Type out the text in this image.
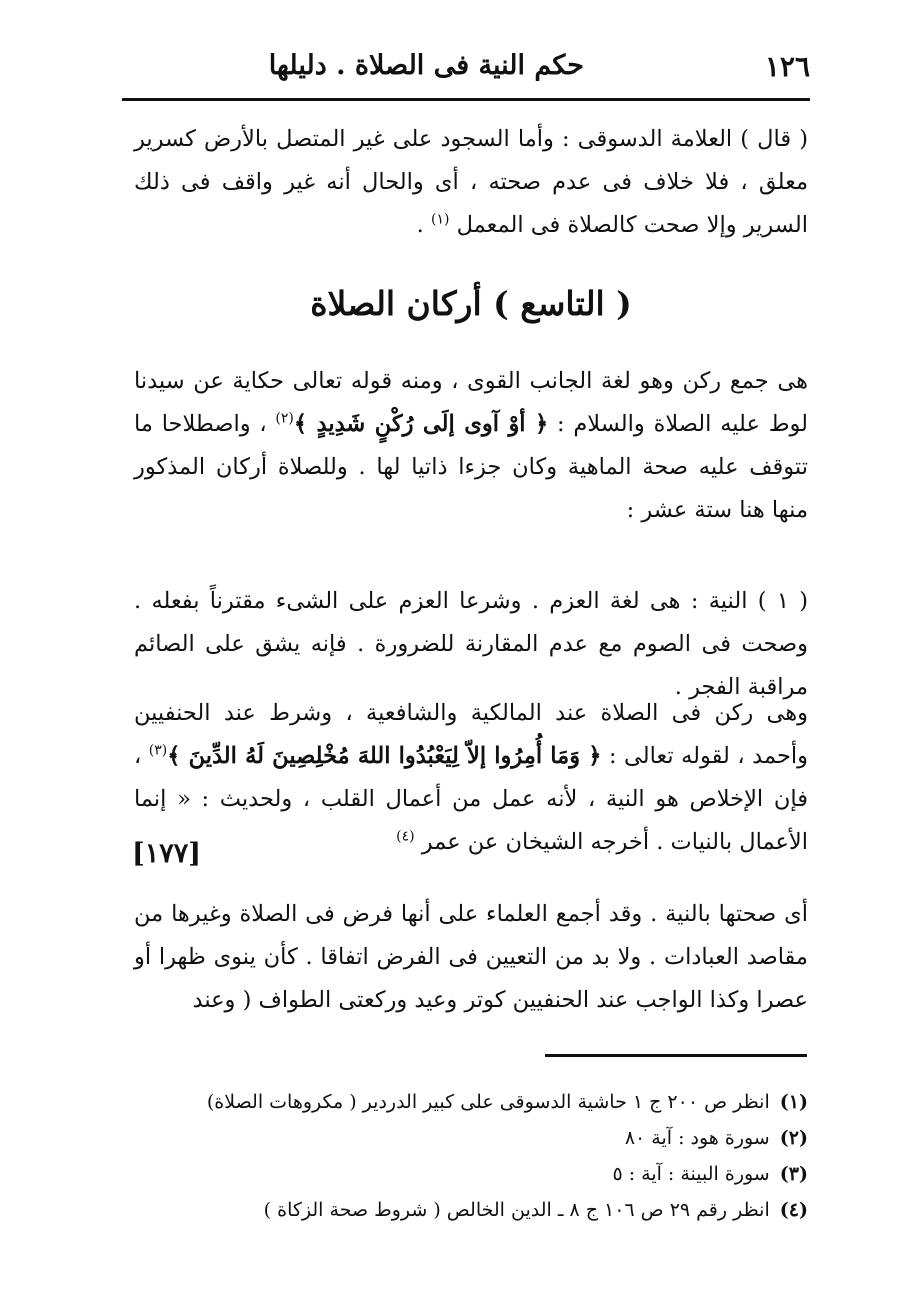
١٢٦
حكم النية فى الصلاة . دليلها
( قال ) العلامة الدسوقى : وأما السجود على غير المتصل بالأرض كسرير معلق ، فلا خلاف فى عدم صحته ، أى والحال أنه غير واقف فى ذلك السرير وإلا صحت كالصلاة فى المعمل $^{(١)}$ .
( التاسع ) أركان الصلاة
هى جمع ركن وهو لغة الجانب القوى ، ومنه قوله تعالى حكاية عن سيدنا لوط عليه الصلاة والسلام : ﴿ أوْ آوى إلَى رُكْنٍ شَدِيدٍ ﴾$^{(٢)}$ ، واصطلاحا ما تتوقف عليه صحة الماهية وكان جزءا ذاتيا لها . وللصلاة أركان المذكور منها هنا ستة عشر :
( ١ ) النية : هى لغة العزم . وشرعا العزم على الشىء مقترناً بفعله . وصحت فى الصوم مع عدم المقارنة للضرورة . فإنه يشق على الصائم مراقبة الفجر .
وهى ركن فى الصلاة عند المالكية والشافعية ، وشرط عند الحنفيين وأحمد ، لقوله تعالى : ﴿ وَمَا أُمِرُوا إلاّ لِيَعْبُدُوا اللهَ مُخْلِصِينَ لَهُ الدِّينَ ﴾$^{(٣)}$ ، فإن الإخلاص هو النية ، لأنه عمل من أعمال القلب ، ولحديث : « إنما الأعمال بالنيات . أخرجه الشيخان عن عمر $^{(٤)}$
[١٧٧]
أى صحتها بالنية . وقد أجمع العلماء على أنها فرض فى الصلاة وغيرها من مقاصد العبادات . ولا بد من التعيين فى الفرض اتفاقا . كأن ينوى ظهرا أو عصرا وكذا الواجب عند الحنفيين كوتر وعيد وركعتى الطواف ( وعند
(١) انظر ص ٢٠٠ ج ١ حاشية الدسوقى على كبير الدردير ( مكروهات الصلاة)
(٢) سورة هود : آية ٨٠
(٣) سورة البينة : آية : ٥
(٤) انظر رقم ٢٩ ص ١٠٦ ج ٨ ـ الدين الخالص ( شروط صحة الزكاة )
